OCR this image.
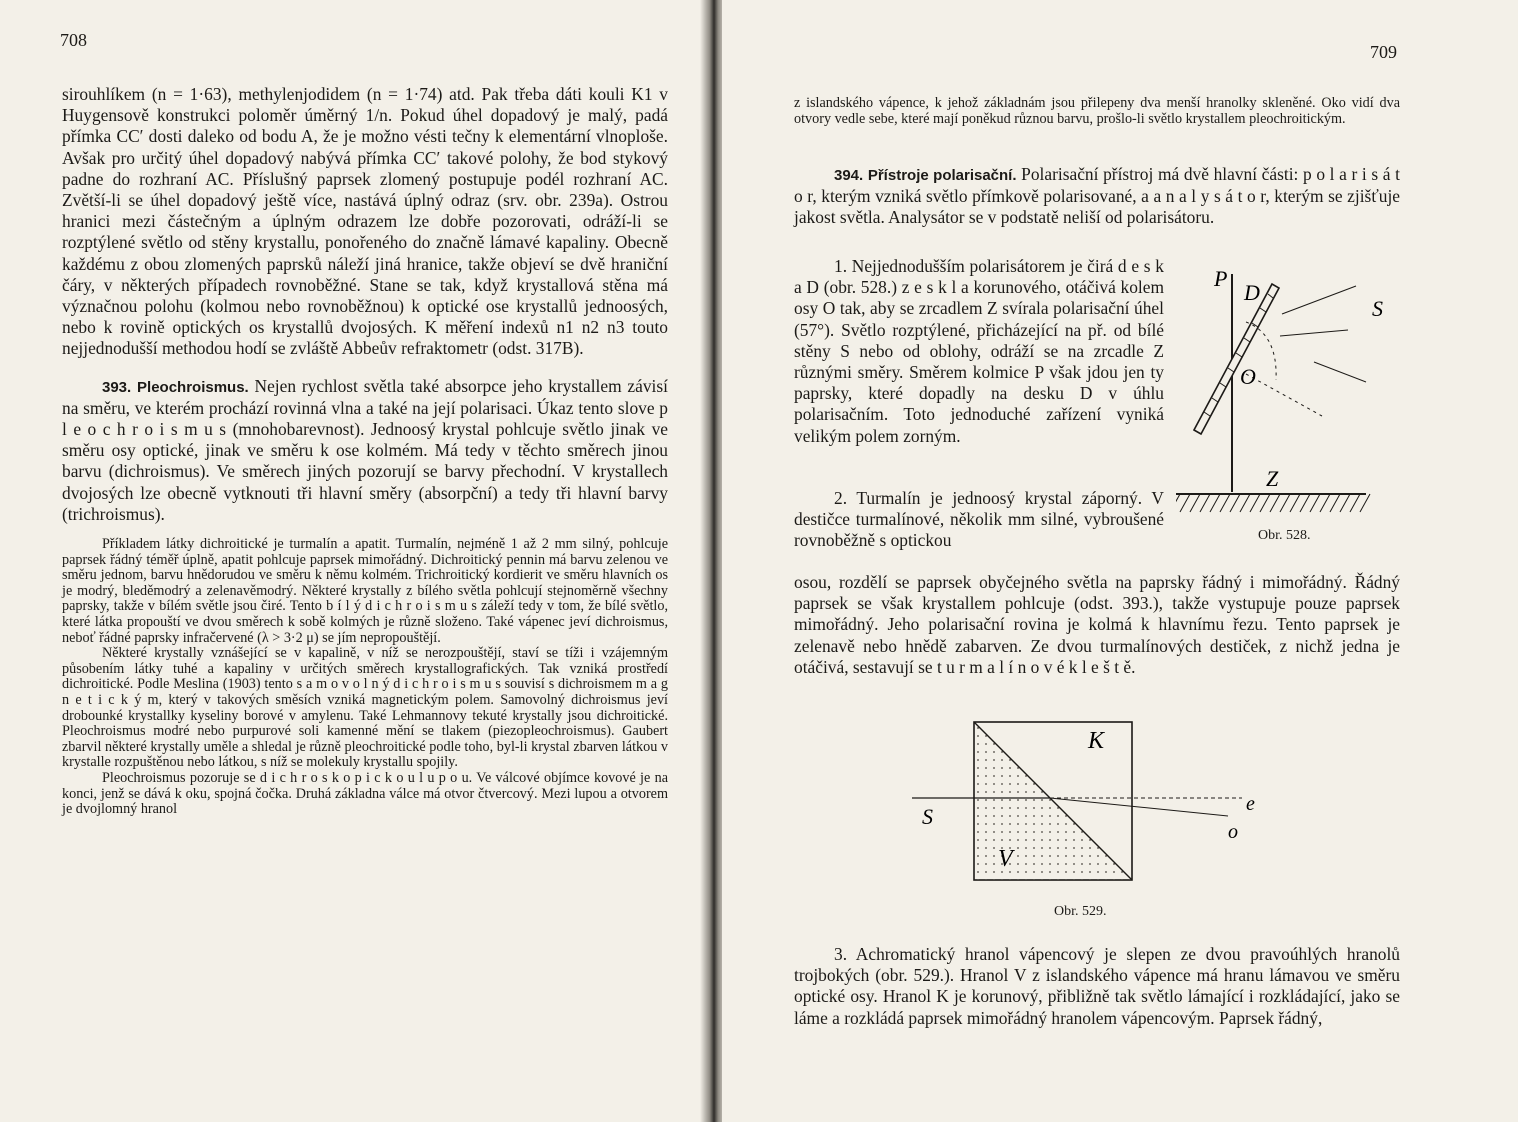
708

sirouhlíkem (n = 1·63), methylenjodidem (n = 1·74) atd. Pak třeba dáti kouli K1 v Huygensově konstrukci poloměr úměrný 1/n. Pokud úhel dopadový je malý, padá přímka CC′ dosti daleko od bodu A, že je možno vésti tečny k elementární vlnoploše. Avšak pro určitý úhel dopadový nabývá přímka CC′ takové polohy, že bod stykový padne do rozhraní AC. Příslušný paprsek zlomený postupuje podél rozhraní AC. Zvětší-li se úhel dopadový ještě více, nastává úplný odraz (srv. obr. 239a). Ostrou hranici mezi částečným a úplným odrazem lze dobře pozorovati, odráží-li se rozptýlené světlo od stěny krystallu, ponořeného do značně lámavé kapaliny. Obecně každému z obou zlomených paprsků náleží jiná hranice, takže objeví se dvě hraniční čáry, v některých případech rovnoběžné. Stane se tak, když krystallová stěna má význačnou polohu (kolmou nebo rovnoběžnou) k optické ose krystallů jednoosých, nebo k rovině optických os krystallů dvojosých. K měření indexů n1 n2 n3 touto nejjednodušší methodou hodí se zvláště Abbeův refraktometr (odst. 317B).

393. Pleochroismus. Nejen rychlost světla také absorpce jeho krystallem závisí na směru, ve kterém prochází rovinná vlna a také na její polarisaci. Úkaz tento slove p l e o c h r o i s m u s (mnohobarevnost). Jednoosý krystal pohlcuje světlo jinak ve směru osy optické, jinak ve směru k ose kolmém. Má tedy v těchto směrech jinou barvu (dichroismus). Ve směrech jiných pozorují se barvy přechodní. V krystallech dvojosých lze obecně vytknouti tři hlavní směry (absorpční) a tedy tři hlavní barvy (trichroismus).

Příkladem látky dichroitické je turmalín a apatit. Turmalín, nejméně 1 až 2 mm silný, pohlcuje paprsek řádný téměř úplně, apatit pohlcuje paprsek mimořádný. Dichroitický pennin má barvu zelenou ve směru jednom, barvu hnědorudou ve směru k němu kolmém. Trichroitický kordierit ve směru hlavních os je modrý, bleděmodrý a zelenavěmodrý. Některé krystally z bílého světla pohlcují stejnoměrně všechny paprsky, takže v bílém světle jsou čiré. Tento b í l ý d i c h r o i s m u s záleží tedy v tom, že bílé světlo, které látka propouští ve dvou směrech k sobě kolmých je různě složeno. Také vápenec jeví dichroismus, neboť řádné paprsky infračervené (λ > 3·2 μ) se jím nepropouštějí.

Některé krystally vznášející se v kapalině, v níž se nerozpouštějí, staví se tíži i vzájemným působením látky tuhé a kapaliny v určitých směrech krystallografických. Tak vzniká prostředí dichroitické. Podle Meslina (1903) tento s a m o v o l n ý d i c h r o i s m u s souvisí s dichroismem m a g n e t i c k ý m, který v takových směsích vzniká magnetickým polem. Samovolný dichroismus jeví drobounké krystallky kyseliny borové v amylenu. Také Lehmannovy tekuté krystally jsou dichroitické. Pleochroismus modré nebo purpurové soli kamenné mění se tlakem (piezopleochroismus). Gaubert zbarvil některé krystally uměle a shledal je různě pleochroitické podle toho, byl-li krystal zbarven látkou v krystalle rozpuštěnou nebo látkou, s níž se molekuly krystallu spojily.

Pleochroismus pozoruje se d i c h r o s k o p i c k o u l u p o u. Ve válcové objímce kovové je na konci, jenž se dává k oku, spojná čočka. Druhá základna válce má otvor čtvercový. Mezi lupou a otvorem je dvojlomný hranol

709

z islandského vápence, k jehož základnám jsou přilepeny dva menší hranolky skleněné. Oko vidí dva otvory vedle sebe, které mají poněkud různou barvu, prošlo-li světlo krystallem pleochroitickým.

394. Přístroje polarisační. Polarisační přístroj má dvě hlavní části: p o l a r i s á t o r, kterým vzniká světlo přímkově polarisované, a a n a l y s á t o r, kterým se zjišťuje jakost světla. Analysátor se v podstatě neliší od polarisátoru.

1. Nejjednodušším polarisátorem je čirá d e s k a D (obr. 528.) z e s k l a korunového, otáčivá kolem osy O tak, aby se zrcadlem Z svírala polarisační úhel (57°). Světlo rozptýlené, přicházející na př. od bílé stěny S nebo od oblohy, odráží se na zrcadle Z různými směry. Směrem kolmice P však jdou jen ty paprsky, které dopadly na desku D v úhlu polarisačním. Toto jednoduché zařízení vyniká velikým polem zorným.

2. Turmalín je jednoosý krystal záporný. V destičce turmalínové, několik mm silné, vybroušené rovnoběžně s optickou

osou, rozdělí se paprsek obyčejného světla na paprsky řádný i mimořádný. Řádný paprsek se však krystallem pohlcuje (odst. 393.), takže vystupuje pouze paprsek mimořádný. Jeho polarisační rovina je kolmá k hlavnímu řezu. Tento paprsek je zelenavě nebo hnědě zabarven. Ze dvou turmalínových destiček, z nichž jedna je otáčivá, sestavují se t u r m a l í n o v é k l e š t ě.

P
D
S
O
Z
Obr. 528.
S
K
V
e
o
Obr. 529.

3. Achromatický hranol vápencový je slepen ze dvou pravoúhlých hranolů trojbokých (obr. 529.). Hranol V z islandského vápence má hranu lámavou ve směru optické osy. Hranol K je korunový, přibližně tak světlo lámající i rozkládající, jako se láme a rozkládá paprsek mimořádný hranolem vápencovým. Paprsek řádný,
